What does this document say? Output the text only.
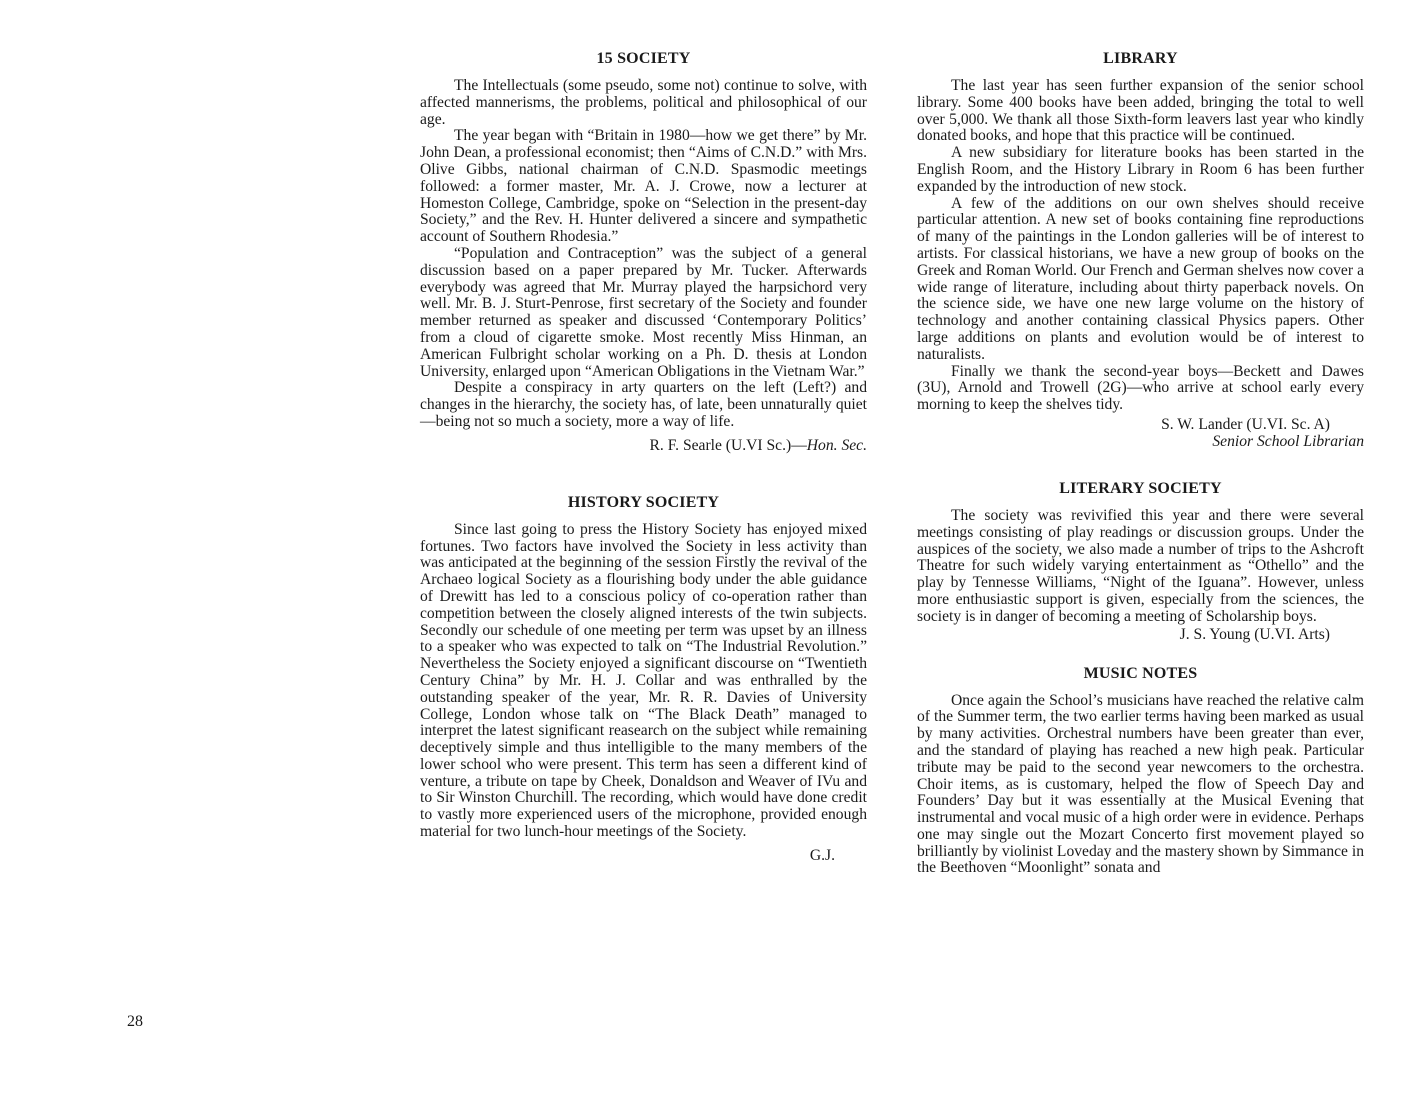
15 SOCIETY

The Intellectuals (some pseudo, some not) continue to solve, with affected mannerisms, the problems, political and philosophical of our age.

The year began with “Britain in 1980—how we get there” by Mr. John Dean, a professional economist; then “Aims of C.N.D.” with Mrs. Olive Gibbs, national chairman of C.N.D. Spasmodic meetings followed: a former master, Mr. A. J. Crowe, now a lecturer at Homeston College, Cambridge, spoke on “Selection in the present-day Society,” and the Rev. H. Hunter delivered a sincere and sympathetic account of Southern Rhodesia.”

“Population and Contraception” was the subject of a general discussion based on a paper prepared by Mr. Tucker. Afterwards everybody was agreed that Mr. Murray played the harpsichord very well. Mr. B. J. Sturt-Penrose, first secretary of the Society and founder member returned as speaker and discussed ‘Contemporary Politics’ from a cloud of cigarette smoke. Most recently Miss Hinman, an American Fulbright scholar working on a Ph. D. thesis at London University, enlarged upon “American Obligations in the Vietnam War.”

Despite a conspiracy in arty quarters on the left (Left?) and changes in the hierarchy, the society has, of late, been unnaturally quiet—being not so much a society, more a way of life.

R. F. Searle (U.VI Sc.)—Hon. Sec.
HISTORY SOCIETY

Since last going to press the History Society has enjoyed mixed fortunes. Two factors have involved the Society in less activity than was anticipated at the beginning of the session Firstly the revival of the Archaeo logical Society as a flourishing body under the able guidance of Drewitt has led to a conscious policy of co-operation rather than competition between the closely aligned interests of the twin subjects. Secondly our schedule of one meeting per term was upset by an illness to a speaker who was expected to talk on “The Industrial Revolution.” Nevertheless the Society enjoyed a significant discourse on “Twentieth Century China” by Mr. H. J. Collar and was enthralled by the outstanding speaker of the year, Mr. R. R. Davies of University College, London whose talk on “The Black Death” managed to interpret the latest significant reasearch on the subject while remaining deceptively simple and thus intelligible to the many members of the lower school who were present. This term has seen a different kind of venture, a tribute on tape by Cheek, Donaldson and Weaver of IVu and to Sir Winston Churchill. The recording, which would have done credit to vastly more experienced users of the microphone, provided enough material for two lunch-hour meetings of the Society.

G.J.
LIBRARY

The last year has seen further expansion of the senior school library. Some 400 books have been added, bringing the total to well over 5,000. We thank all those Sixth-form leavers last year who kindly donated books, and hope that this practice will be continued.

A new subsidiary for literature books has been started in the English Room, and the History Library in Room 6 has been further expanded by the introduction of new stock.

A few of the additions on our own shelves should receive particular attention. A new set of books containing fine reproductions of many of the paintings in the London galleries will be of interest to artists. For classical historians, we have a new group of books on the Greek and Roman World. Our French and German shelves now cover a wide range of literature, including about thirty paperback novels. On the science side, we have one new large volume on the history of technology and another containing classical Physics papers. Other large additions on plants and evolution would be of interest to naturalists.

Finally we thank the second-year boys—Beckett and Dawes (3U), Arnold and Trowell (2G)—who arrive at school early every morning to keep the shelves tidy.

S. W. Lander (U.VI. Sc. A)
Senior School Librarian
LITERARY SOCIETY

The society was revivified this year and there were several meetings consisting of play readings or discussion groups. Under the auspices of the society, we also made a number of trips to the Ashcroft Theatre for such widely varying entertainment as “Othello” and the play by Tennesse Williams, “Night of the Iguana”. However, unless more enthusiastic support is given, especially from the sciences, the society is in danger of becoming a meeting of Scholarship boys.

J. S. Young (U.VI. Arts)
MUSIC NOTES

Once again the School’s musicians have reached the relative calm of the Summer term, the two earlier terms having been marked as usual by many activities. Orchestral numbers have been greater than ever, and the standard of playing has reached a new high peak. Particular tribute may be paid to the second year newcomers to the orchestra. Choir items, as is customary, helped the flow of Speech Day and Founders’ Day but it was essentially at the Musical Evening that instrumental and vocal music of a high order were in evidence. Perhaps one may single out the Mozart Concerto first movement played so brilliantly by violinist Loveday and the mastery shown by Simmance in the Beethoven “Moonlight” sonata and

28
